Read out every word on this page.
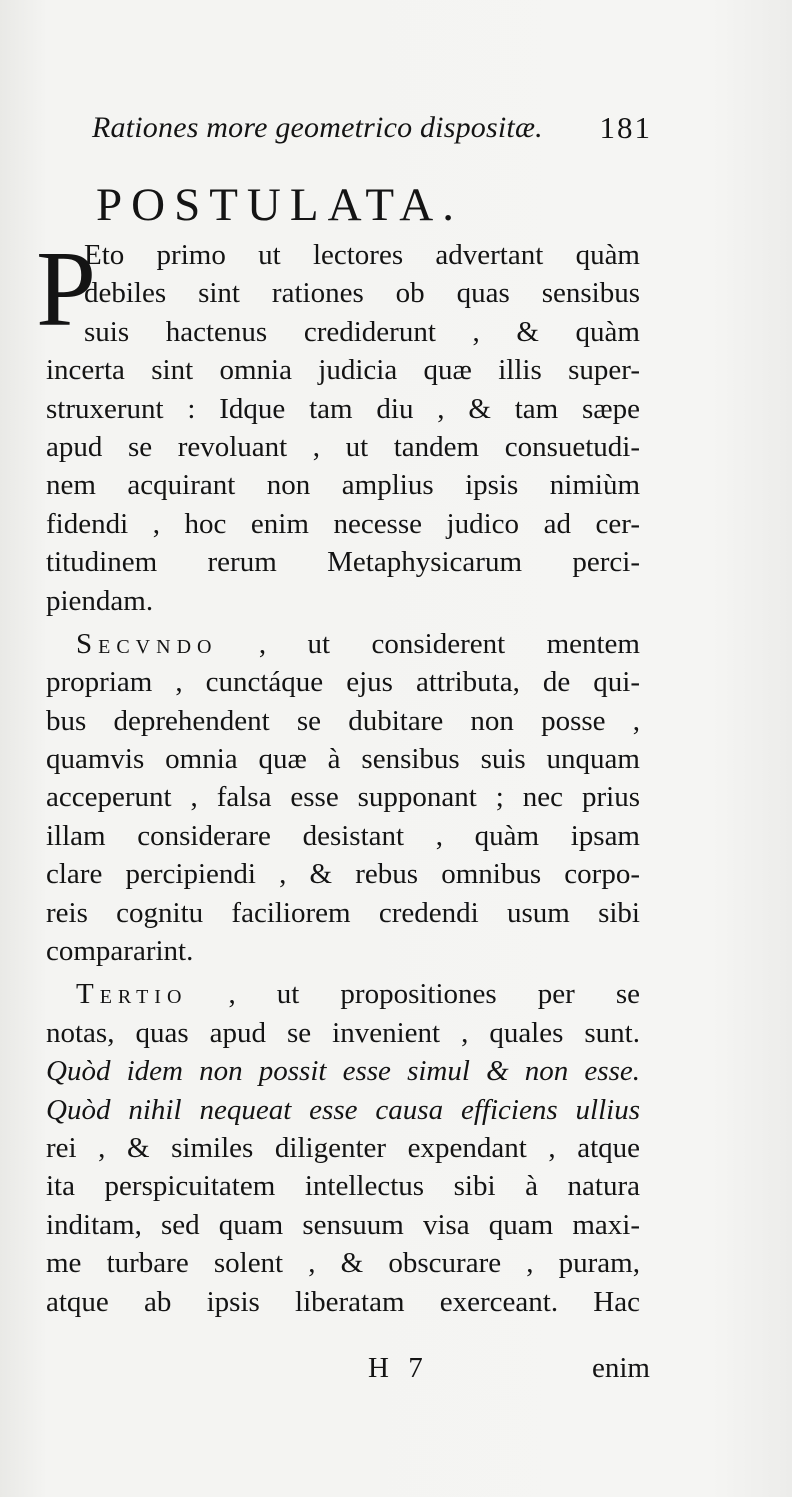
Rationes more geometrico dispositæ. 181
POSTULATA.
P
Eto primo ut lectores advertant quàm
debiles sint rationes ob quas sensibus
suis hactenus crediderunt , & quàm
incerta sint omnia judicia quæ illis super-
struxerunt : Idque tam diu , & tam sæpe
apud se revoluant , ut tandem consuetudi-
nem acquirant non amplius ipsis nimiùm
fidendi , hoc enim necesse judico ad cer-
titudinem rerum Metaphysicarum perci-
piendam.
Secvndo , ut considerent mentem
propriam , cunctáque ejus attributa, de qui-
bus deprehendent se dubitare non posse ,
quamvis omnia quæ à sensibus suis unquam
acceperunt , falsa esse supponant ; nec prius
illam considerare desistant , quàm ipsam
clare percipiendi , & rebus omnibus corpo-
reis cognitu faciliorem credendi usum sibi
compararint.
Tertio , ut propositiones per se
notas, quas apud se invenient , quales sunt.
Quòd idem non possit esse simul & non esse.
Quòd nihil nequeat esse causa efficiens ullius
rei , & similes diligenter expendant , atque
ita perspicuitatem intellectus sibi à natura
inditam, sed quam sensuum visa quam maxi-
me turbare solent , & obscurare , puram,
atque ab ipsis liberatam exerceant. Hac
H 7	enim
